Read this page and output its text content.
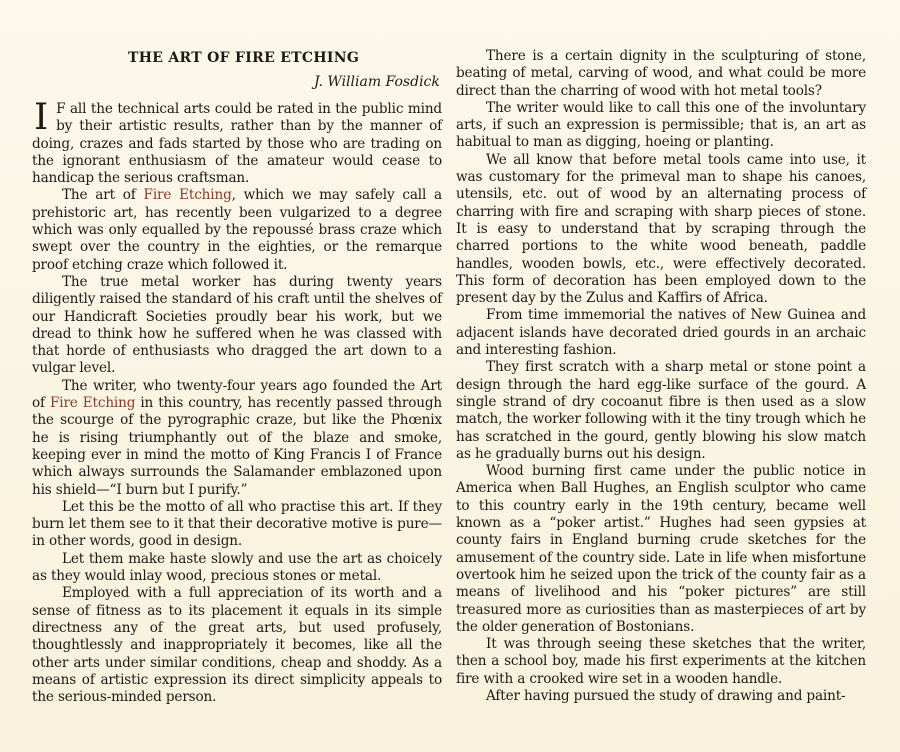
THE ART OF FIRE ETCHING
J. William Fosdick

I F all the technical arts could be rated in the public mind by their artistic results, rather than by the manner of doing, crazes and fads started by those who are trading on the ignorant enthusiasm of the amateur would cease to handicap the serious craftsman.

The art of Fire Etching, which we may safely call a prehistoric art, has recently been vulgarized to a degree which was only equalled by the repoussé brass craze which swept over the country in the eighties, or the remarque proof etching craze which followed it.

The true metal worker has during twenty years diligently raised the standard of his craft until the shelves of our Handicraft Societies proudly bear his work, but we dread to think how he suffered when he was classed with that horde of enthusiasts who dragged the art down to a vulgar level.

The writer, who twenty-four years ago founded the Art of Fire Etching in this country, has recently passed through the scourge of the pyrographic craze, but like the Phœnix he is rising triumphantly out of the blaze and smoke, keeping ever in mind the motto of King Francis I of France which always surrounds the Salamander emblazoned upon his shield—“I burn but I purify.”

Let this be the motto of all who practise this art. If they burn let them see to it that their decorative motive is pure—in other words, good in design.

Let them make haste slowly and use the art as choicely as they would inlay wood, precious stones or metal.

Employed with a full appreciation of its worth and a sense of fitness as to its placement it equals in its simple directness any of the great arts, but used profusely, thoughtlessly and inappropriately it becomes, like all the other arts under similar conditions, cheap and shoddy. As a means of artistic expression its direct simplicity appeals to the serious-minded person.

There is a certain dignity in the sculpturing of stone, beating of metal, carving of wood, and what could be more direct than the charring of wood with hot metal tools?

The writer would like to call this one of the involuntary arts, if such an expression is permissible; that is, an art as habitual to man as digging, hoeing or planting.

We all know that before metal tools came into use, it was customary for the primeval man to shape his canoes, utensils, etc. out of wood by an alternating process of charring with fire and scraping with sharp pieces of stone. It is easy to understand that by scraping through the charred portions to the white wood beneath, paddle handles, wooden bowls, etc., were effectively decorated. This form of decoration has been employed down to the present day by the Zulus and Kaffirs of Africa.

From time immemorial the natives of New Guinea and adjacent islands have decorated dried gourds in an archaic and interesting fashion.

They first scratch with a sharp metal or stone point a design through the hard egg-like surface of the gourd. A single strand of dry cocoanut fibre is then used as a slow match, the worker following with it the tiny trough which he has scratched in the gourd, gently blowing his slow match as he gradually burns out his design.

Wood burning first came under the public notice in America when Ball Hughes, an English sculptor who came to this country early in the 19th century, became well known as a “poker artist.” Hughes had seen gypsies at county fairs in England burning crude sketches for the amusement of the country side. Late in life when misfortune overtook him he seized upon the trick of the county fair as a means of livelihood and his “poker pictures” are still treasured more as curiosities than as masterpieces of art by the older generation of Bostonians.

It was through seeing these sketches that the writer, then a school boy, made his first experiments at the kitchen fire with a crooked wire set in a wooden handle.

After having pursued the study of drawing and paint-
